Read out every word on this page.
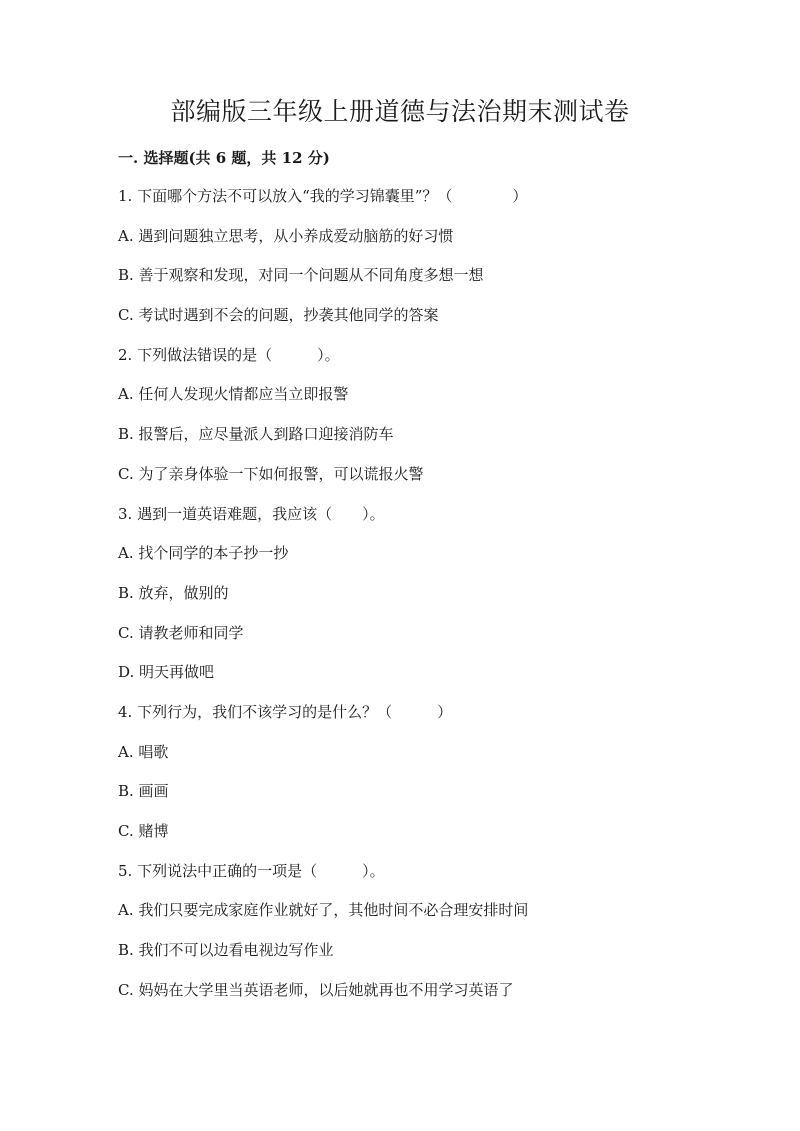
部编版三年级上册道德与法治期末测试卷
一. 选择题(共 6 题，共 12 分)
1. 下面哪个方法不可以放入“我的学习锦囊里”？（　　　　）
A. 遇到问题独立思考，从小养成爱动脑筋的好习惯
B. 善于观察和发现，对同一个问题从不同角度多想一想
C. 考试时遇到不会的问题，抄袭其他同学的答案
2. 下列做法错误的是（　　　）。
A. 任何人发现火情都应当立即报警
B. 报警后，应尽量派人到路口迎接消防车
C. 为了亲身体验一下如何报警，可以谎报火警
3. 遇到一道英语难题，我应该（　　）。
A. 找个同学的本子抄一抄
B. 放弃，做别的
C. 请教老师和同学
D. 明天再做吧
4. 下列行为，我们不该学习的是什么？（　　　）
A. 唱歌
B. 画画
C. 赌博
5. 下列说法中正确的一项是（　　　）。
A. 我们只要完成家庭作业就好了，其他时间不必合理安排时间
B. 我们不可以边看电视边写作业
C. 妈妈在大学里当英语老师，以后她就再也不用学习英语了
